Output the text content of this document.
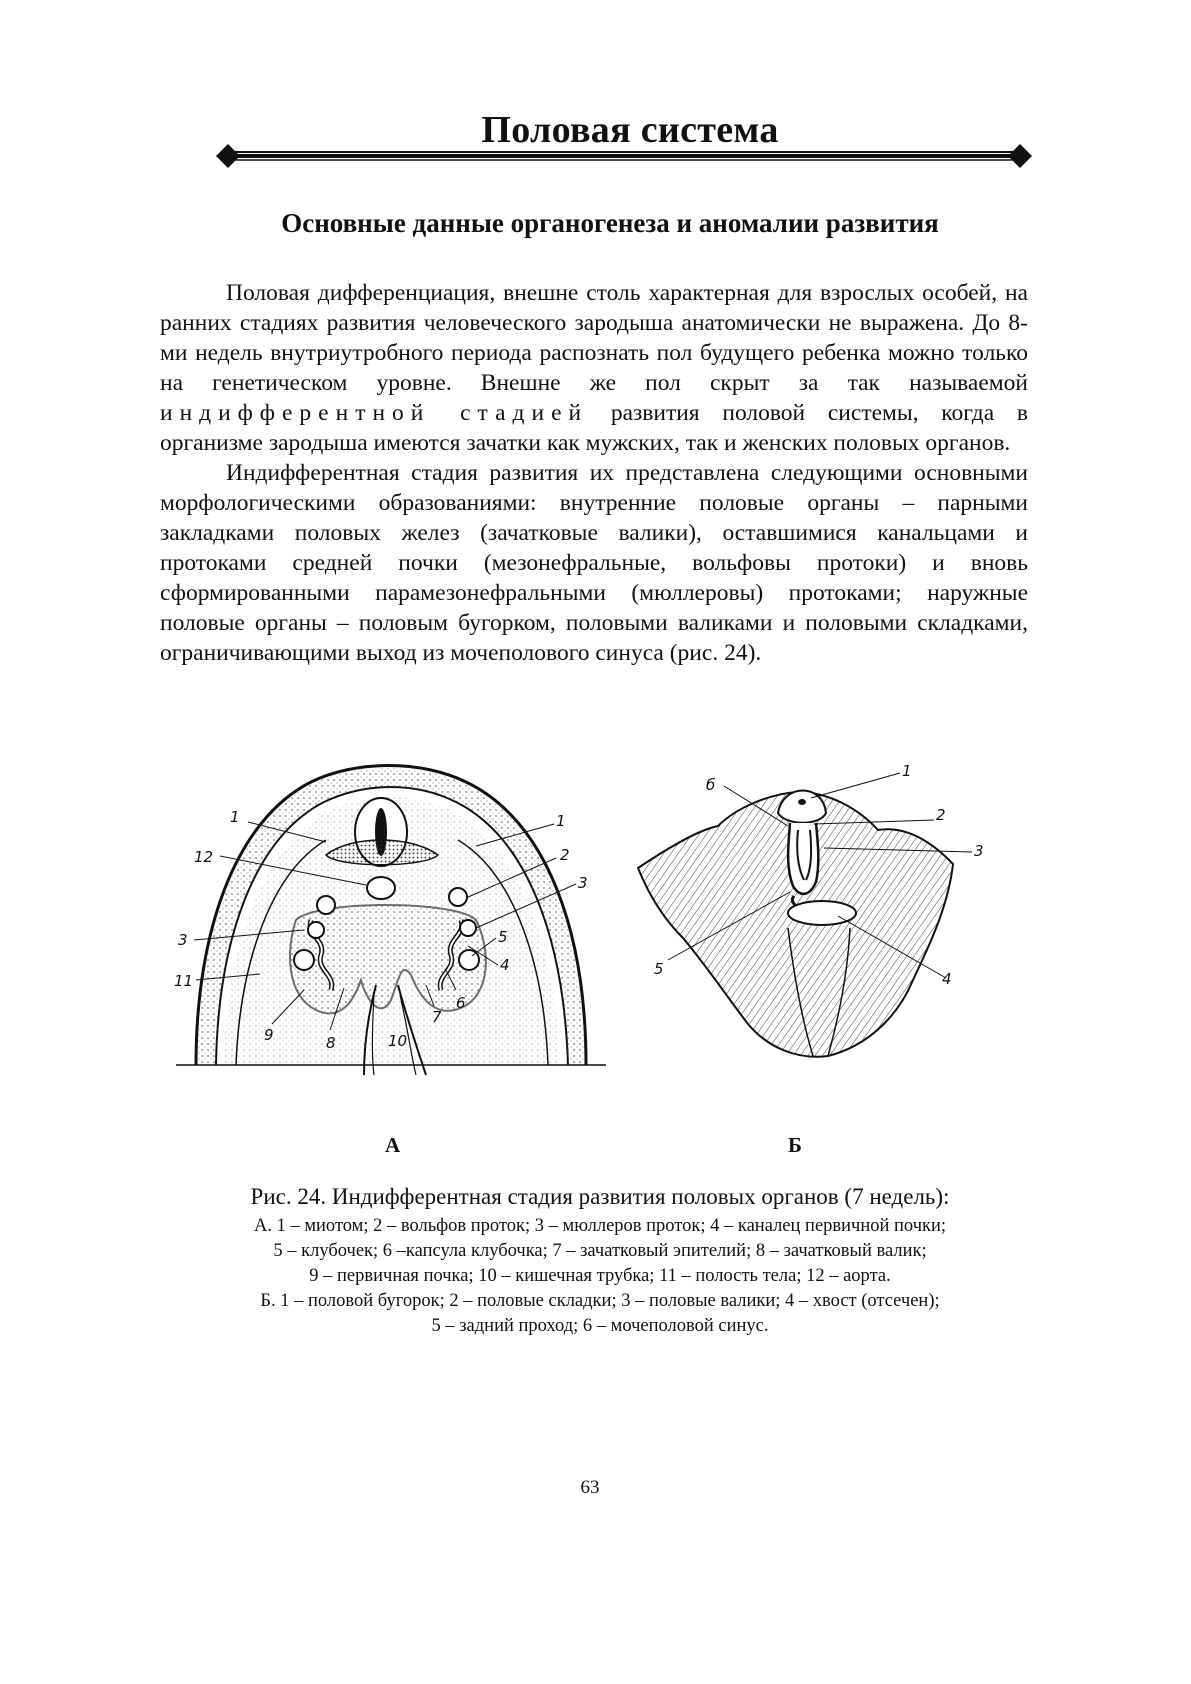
Половая система
Основные данные органогенеза и аномалии развития

Половая дифференциация, внешне столь характерная для взрослых особей, на ранних стадиях развития человеческого зародыша анатомически не выражена. До 8-ми недель внутриутробного периода распознать пол будущего ребенка можно только на генетическом уровне. Внешне же пол скрыт за так называемой индифферентной стадией развития половой системы, когда в организме зародыша имеются зачатки как мужских, так и женских половых органов.

Индифферентная стадия развития их представлена следующими основными морфологическими образованиями: внутренние половые органы – парными закладками половых желез (зачатковые валики), оставшимися канальцами и протоками средней почки (мезонефральные, вольфовы протоки) и вновь сформированными парамезонефральными (мюллеровы) протоками; наружные половые органы – половым бугорком, половыми валиками и половыми складками, ограничивающими выход из мочеполового синуса (рис. 24).

1	1
12	2
3
3	5
4
11
6
7
9	8	10
1
б
2
3
5
4
А	Б

Рис. 24. Индифферентная стадия развития половых органов (7 недель):

А. 1 – миотом; 2 – вольфов проток; 3 – мюллеров проток; 4 – каналец первичной почки;
5 – клубочек; 6 –капсула клубочка; 7 – зачатковый эпителий; 8 – зачатковый валик;
9 – первичная почка; 10 – кишечная трубка; 11 – полость тела; 12 – аорта.
Б. 1 – половой бугорок; 2 – половые складки; 3 – половые валики; 4 – хвост (отсечен);
5 – задний проход; 6 – мочеполовой синус.
63
